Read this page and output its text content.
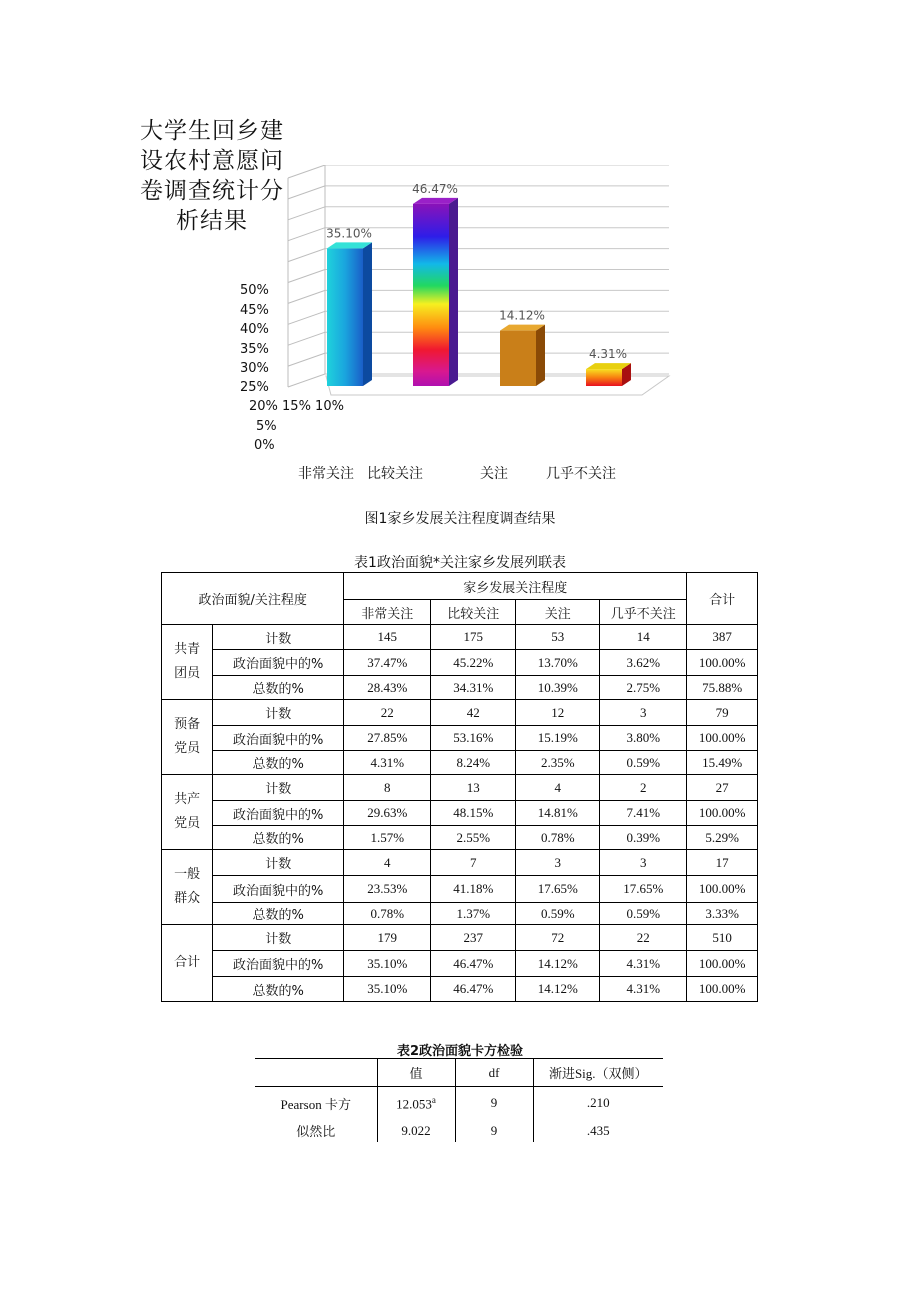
大学生回乡建
设农村意愿问
卷调查统计分
析结果
50%
45%
40%
35%
30%
25%
20% 15% 10%
5%
0%
35.10%
46.47%
14.12%
4.31%
非常关注 比较关注	关注	几乎不关注
图1家乡发展关注程度调查结果
表1政治面貌*关注家乡发展列联表
政治面貌/关注程度		家乡发展关注程度				合计
		非常关注	比较关注	关注	几乎不关注	

共青
团员	计数	145	175	53	14	387
	政治面貌中的%	37.47%	45.22%	13.70%	3.62%	100.00%
	总数的%	28.43%	34.31%	10.39%	2.75%	75.88%

预备
党员	计数	22	42	12	3	79
	政治面貌中的%	27.85%	53.16%	15.19%	3.80%	100.00%
	总数的%	4.31%	8.24%	2.35%	0.59%	15.49%

共产
党员	计数	8	13	4	2	27
	政治面貌中的%	29.63%	48.15%	14.81%	7.41%	100.00%
	总数的%	1.57%	2.55%	0.78%	0.39%	5.29%

一般
群众	计数	4	7	3	3	17
	政治面貌中的%	23.53%	41.18%	17.65%	17.65%	100.00%
	总数的%	0.78%	1.37%	0.59%	0.59%	3.33%

合计	计数	179	237	72	22	510
	政治面貌中的%	35.10%	46.47%	14.12%	4.31%	100.00%
	总数的%	35.10%	46.47%	14.12%	4.31%	100.00%
表2政治面貌卡方检验
	值	df	渐进Sig.（双侧）
Pearson 卡方	12.053$^a$	9	.210
似然比	9.022	9	.435
